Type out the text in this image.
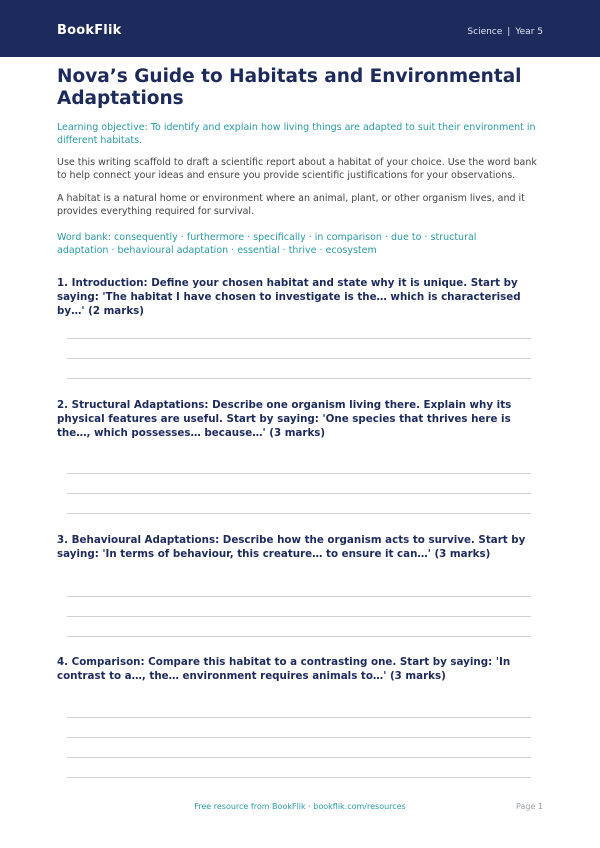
BookFlik	Science | Year 5
Nova’s Guide to Habitats and Environmental Adaptations
Learning objective: To identify and explain how living things are adapted to suit their environment in different habitats.
Use this writing scaffold to draft a scientific report about a habitat of your choice. Use the word bank to help connect your ideas and ensure you provide scientific justifications for your observations.
A habitat is a natural home or environment where an animal, plant, or other organism lives, and it provides everything required for survival.
Word bank: consequently · furthermore · specifically · in comparison · due to · structural adaptation · behavioural adaptation · essential · thrive · ecosystem
1. Introduction: Define your chosen habitat and state why it is unique. Start by saying: 'The habitat I have chosen to investigate is the… which is characterised by…' (2 marks)
2. Structural Adaptations: Describe one organism living there. Explain why its physical features are useful. Start by saying: 'One species that thrives here is the…, which possesses… because…' (3 marks)
3. Behavioural Adaptations: Describe how the organism acts to survive. Start by saying: 'In terms of behaviour, this creature… to ensure it can…' (3 marks)
4. Comparison: Compare this habitat to a contrasting one. Start by saying: 'In contrast to a…, the… environment requires animals to…' (3 marks)
Free resource from BookFlik · bookflik.com/resources	Page 1
